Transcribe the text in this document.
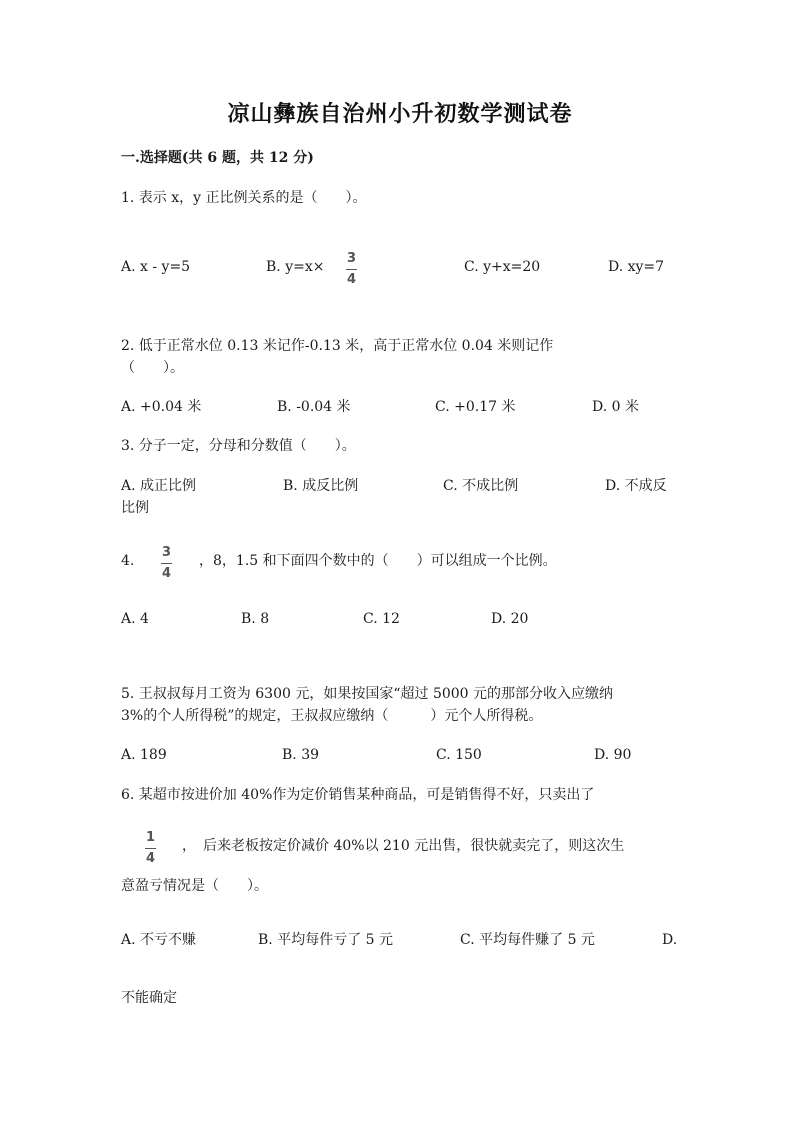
凉山彝族自治州小升初数学测试卷
一.选择题(共 6 题，共 12 分)
1. 表示 x，y 正比例关系的是（　　）。
A. x - y=5	B. y=x×
3
4
C. y+x=20	D. xy=7
2. 低于正常水位 0.13 米记作-0.13 米，高于正常水位 0.04 米则记作
（　　）。
A. +0.04 米	B. -0.04 米	C. +0.17 米	D. 0 米
3. 分子一定，分母和分数值（　　）。
A. 成正比例	B. 成反比例	C. 不成比例	D. 不成反
比例
4.
3
4
，8，1.5 和下面四个数中的（　　）可以组成一个比例。
A. 4	B. 8	C. 12	D. 20
5. 王叔叔每月工资为 6300 元，如果按国家“超过 5000 元的那部分收入应缴纳
3%的个人所得税”的规定，王叔叔应缴纳（　　　）元个人所得税。
A. 189	B. 39	C. 150	D. 90
6. 某超市按进价加 40%作为定价销售某种商品，可是销售得不好，只卖出了
1
4
，　后来老板按定价减价 40%以 210 元出售，很快就卖完了，则这次生
意盈亏情况是（　　）。
A. 不亏不赚	B. 平均每件亏了 5 元	C. 平均每件赚了 5 元	D.
不能确定
